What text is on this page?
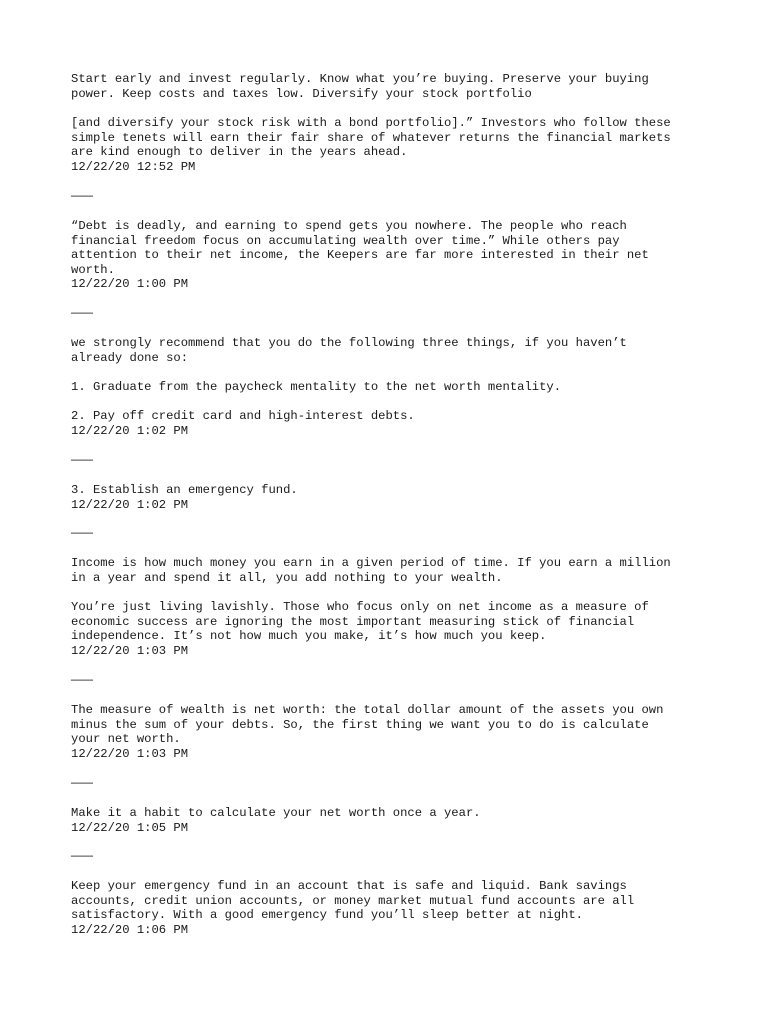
Start early and invest regularly. Know what you’re buying. Preserve your buying

power. Keep costs and taxes low. Diversify your stock portfolio

[and diversify your stock risk with a bond portfolio].” Investors who follow these

simple tenets will earn their fair share of whatever returns the financial markets

are kind enough to deliver in the years ahead.

12/22/20 12:52 PM

———

“Debt is deadly, and earning to spend gets you nowhere. The people who reach

financial freedom focus on accumulating wealth over time.” While others pay

attention to their net income, the Keepers are far more interested in their net

worth.

12/22/20 1:00 PM

———

we strongly recommend that you do the following three things, if you haven’t

already done so:

1. Graduate from the paycheck mentality to the net worth mentality.

2. Pay off credit card and high-interest debts.

12/22/20 1:02 PM

———

3. Establish an emergency fund.

12/22/20 1:02 PM

———

Income is how much money you earn in a given period of time. If you earn a million

in a year and spend it all, you add nothing to your wealth.

You’re just living lavishly. Those who focus only on net income as a measure of

economic success are ignoring the most important measuring stick of financial

independence. It’s not how much you make, it’s how much you keep.

12/22/20 1:03 PM

———

The measure of wealth is net worth: the total dollar amount of the assets you own

minus the sum of your debts. So, the first thing we want you to do is calculate

your net worth.

12/22/20 1:03 PM

———

Make it a habit to calculate your net worth once a year.

12/22/20 1:05 PM

———

Keep your emergency fund in an account that is safe and liquid. Bank savings

accounts, credit union accounts, or money market mutual fund accounts are all

satisfactory. With a good emergency fund you’ll sleep better at night.

12/22/20 1:06 PM
